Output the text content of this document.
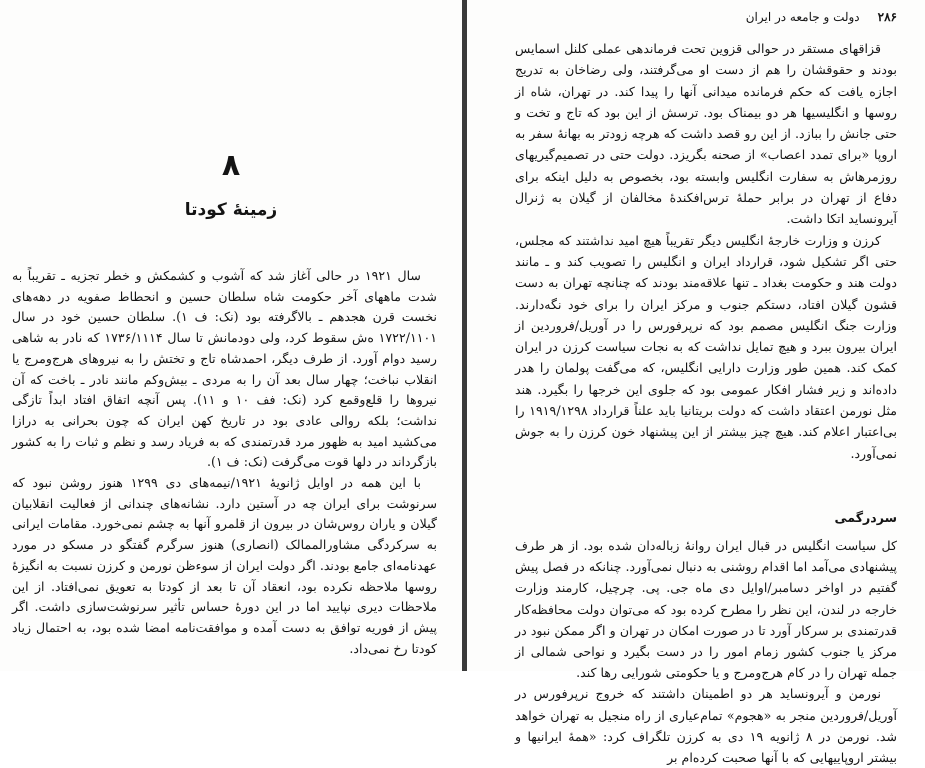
۸
زمینهٔ کودتا

سال ۱۹۲۱ در حالی آغاز شد که آشوب و کشمکش و خطر تجزیه ـ تقریباً به شدت ماههای آخر حکومت شاه سلطان حسین و انحطاط صفویه در دهه‌های نخست قرن هجدهم ـ بالاگرفته بود (نک: ف ۱). سلطان حسین خود در سال ۱۷۲۲/۱۱۰۱ ه‌ش سقوط کرد، ولی دودمانش تا سال ۱۷۳۶/۱۱۱۴ که نادر به شاهی رسید دوام آورد. از طرف دیگر، احمدشاه تاج و تختش را به نیروهای هرج‌ومرج یا انقلاب نباخت؛ چهار سال بعد آن را به مردی ـ بیش‌وکم مانند نادر ـ باخت که آن نیروها را قلع‌وقمع کرد (نک: فف ۱۰ و ۱۱). پس آنچه اتفاق افتاد ابداً تازگی نداشت؛ بلکه روالی عادی بود در تاریخ کهن ایران که چون بحرانی به درازا می‌کشید امید به ظهور مرد قدرتمندی که به فریاد رسد و نظم و ثبات را به کشور بازگرداند در دلها قوت می‌گرفت (نک: ف ۱).

با این همه در اوایل ژانویهٔ ۱۹۲۱/نیمه‌های دی ۱۲۹۹ هنوز روشن نبود که سرنوشت برای ایران چه در آستین دارد. نشانه‌های چندانی از فعالیت انقلابیان گیلان و یاران روس‌شان در بیرون از قلمرو آنها به چشم نمی‌خورد. مقامات ایرانی به سرکردگی مشاورالممالک (انصاری) هنوز سرگرم گفتگو در مسکو در مورد عهدنامه‌ای جامع بودند. اگر دولت ایران از سوءظن نورمن و کرزن نسبت به انگیزهٔ روسها ملاحظه نکرده بود، انعقاد آن تا بعد از کودتا به تعویق نمی‌افتاد. از این ملاحظات دیری نپایید اما در این دورهٔ حساس تأثیر سرنوشت‌سازی داشت. اگر پیش از فوریه توافق به دست آمده و موافقت‌نامه امضا شده بود، به احتمال زیاد کودتا رخ نمی‌داد.

۲۸۶
دولت و جامعه در ایران

قزاقهای مستقر در حوالی قزوین تحت فرماندهی عملی کلنل اسمایس بودند و حقوقشان را هم از دست او می‌گرفتند، ولی رضاخان به تدریج اجازه یافت که حکم فرمانده میدانی آنها را پیدا کند. در تهران، شاه از روسها و انگلیسیها هر دو بیمناک بود. ترسش از این بود که تاج و تخت و حتی جانش را ببازد. از این رو قصد داشت که هرچه زودتر به بهانهٔ سفر به اروپا «برای تمدد اعصاب» از صحنه بگریزد. دولت حتی در تصمیم‌گیریهای روزمرهاش به سفارت انگلیس وابسته بود، بخصوص به دلیل اینکه برای دفاع از تهران در برابر حملهٔ ترس‌افکندهٔ مخالفان از گیلان به ژنرال آیرونساید اتکا داشت.

کرزن و وزارت خارجهٔ انگلیس دیگر تقریباً هیچ امید نداشتند که مجلس، حتی اگر تشکیل شود، قرارداد ایران و انگلیس را تصویب کند و ـ مانند دولت هند و حکومت بغداد ـ تنها علاقه‌مند بودند که چنانچه تهران به دست قشون گیلان افتاد، دستکم جنوب و مرکز ایران را برای خود نگه‌دارند. وزارت جنگ انگلیس مصمم بود که نرپرفورس را در آوریل/فروردین از ایران بیرون ببرد و هیچ تمایل نداشت که به نجات سیاست کرزن در ایران کمک کند. همین طور وزارت دارایی انگلیس، که می‌گفت پولمان را هدر داده‌اند و زیر فشار افکار عمومی بود که جلوی این خرجها را بگیرد. هند مثل نورمن اعتقاد داشت که دولت بریتانیا باید علناً قرارداد ۱۹۱۹/۱۲۹۸ را بی‌اعتبار اعلام کند. هیچ چیز بیشتر از این پیشنهاد خون کرزن را به جوش نمی‌آورد.

سردرگمی

کل سیاست انگلیس در قبال ایران روانهٔ زباله‌دان شده بود. از هر طرف پیشنهادی می‌آمد اما اقدام روشنی به دنبال نمی‌آورد. چنانکه در فصل پیش گفتیم در اواخر دسامبر/اوایل دی ماه جی. پی. چرچیل، کارمند وزارت خارجه در لندن، این نظر را مطرح کرده بود که می‌توان دولت محافظه‌کار قدرتمندی بر سرکار آورد تا در صورت امکان در تهران و اگر ممکن نبود در مرکز یا جنوب کشور زمام امور را در دست بگیرد و نواحی شمالی از جمله تهران را در کام هرج‌ومرج و یا حکومتی شورایی رها کند.

نورمن و آیرونساید هر دو اطمینان داشتند که خروج نرپرفورس در آوریل/فروردین منجر به «هجوم» تمام‌عیاری از راه منجیل به تهران خواهد شد. نورمن در ۸ ژانویه ۱۹ دی به کرزن تلگراف کرد: «همهٔ ایرانیها و بیشتر اروپاییهایی که با آنها صحبت کرده‌ام بر
